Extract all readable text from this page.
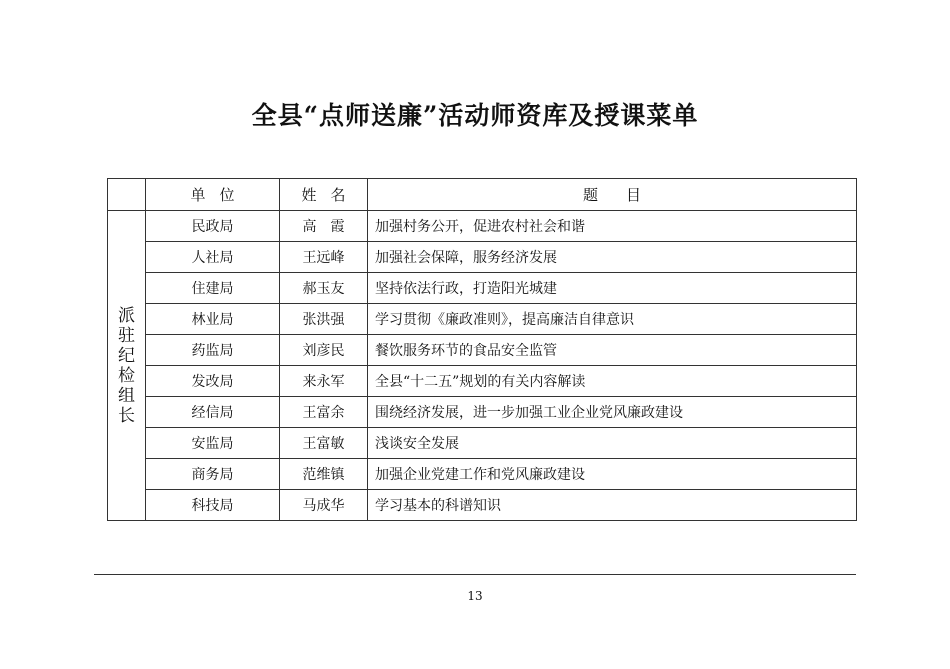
全县“点师送廉”活动师资库及授课菜单
	单位	姓名	题目
派驻纪检组长	民政局	高　霞	加强村务公开，促进农村社会和谐
	人社局	王远峰	加强社会保障，服务经济发展
	住建局	郝玉友	坚持依法行政，打造阳光城建
	林业局	张洪强	学习贯彻《廉政准则》，提高廉洁自律意识
	药监局	刘彦民	餐饮服务环节的食品安全监管
	发改局	来永军	全县“十二五”规划的有关内容解读
	经信局	王富余	围绕经济发展，进一步加强工业企业党风廉政建设
	安监局	王富敏	浅谈安全发展
	商务局	范维镇	加强企业党建工作和党风廉政建设
	科技局	马成华	学习基本的科谱知识
13
